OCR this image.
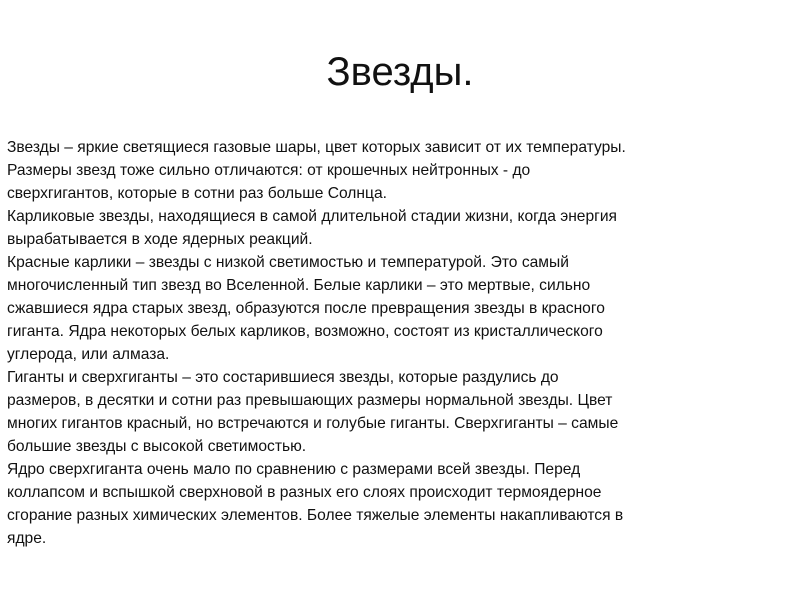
Звезды.
Звезды – яркие светящиеся газовые шары, цвет которых зависит от их температуры.
Размеры звезд тоже сильно отличаются: от крошечных нейтронных - до
сверхгигантов, которые в сотни раз больше Солнца.
Карликовые звезды, находящиеся в самой длительной стадии жизни, когда энергия
вырабатывается в ходе ядерных реакций.
Красные карлики – звезды с низкой светимостью и температурой. Это самый
многочисленный тип звезд во Вселенной. Белые карлики – это мертвые, сильно
сжавшиеся ядра старых звезд, образуются после превращения звезды в красного
гиганта. Ядра некоторых белых карликов, возможно, состоят из кристаллического
углерода, или алмаза.
Гиганты и сверхгиганты – это состарившиеся звезды, которые раздулись до
размеров, в десятки и сотни раз превышающих размеры нормальной звезды. Цвет
многих гигантов красный, но встречаются и голубые гиганты. Сверхгиганты – самые
большие звезды с высокой светимостью.
Ядро сверхгиганта очень мало по сравнению с размерами всей звезды. Перед
коллапсом и вспышкой сверхновой в разных его слоях происходит термоядерное
сгорание разных химических элементов. Более тяжелые элементы накапливаются в
ядре.
